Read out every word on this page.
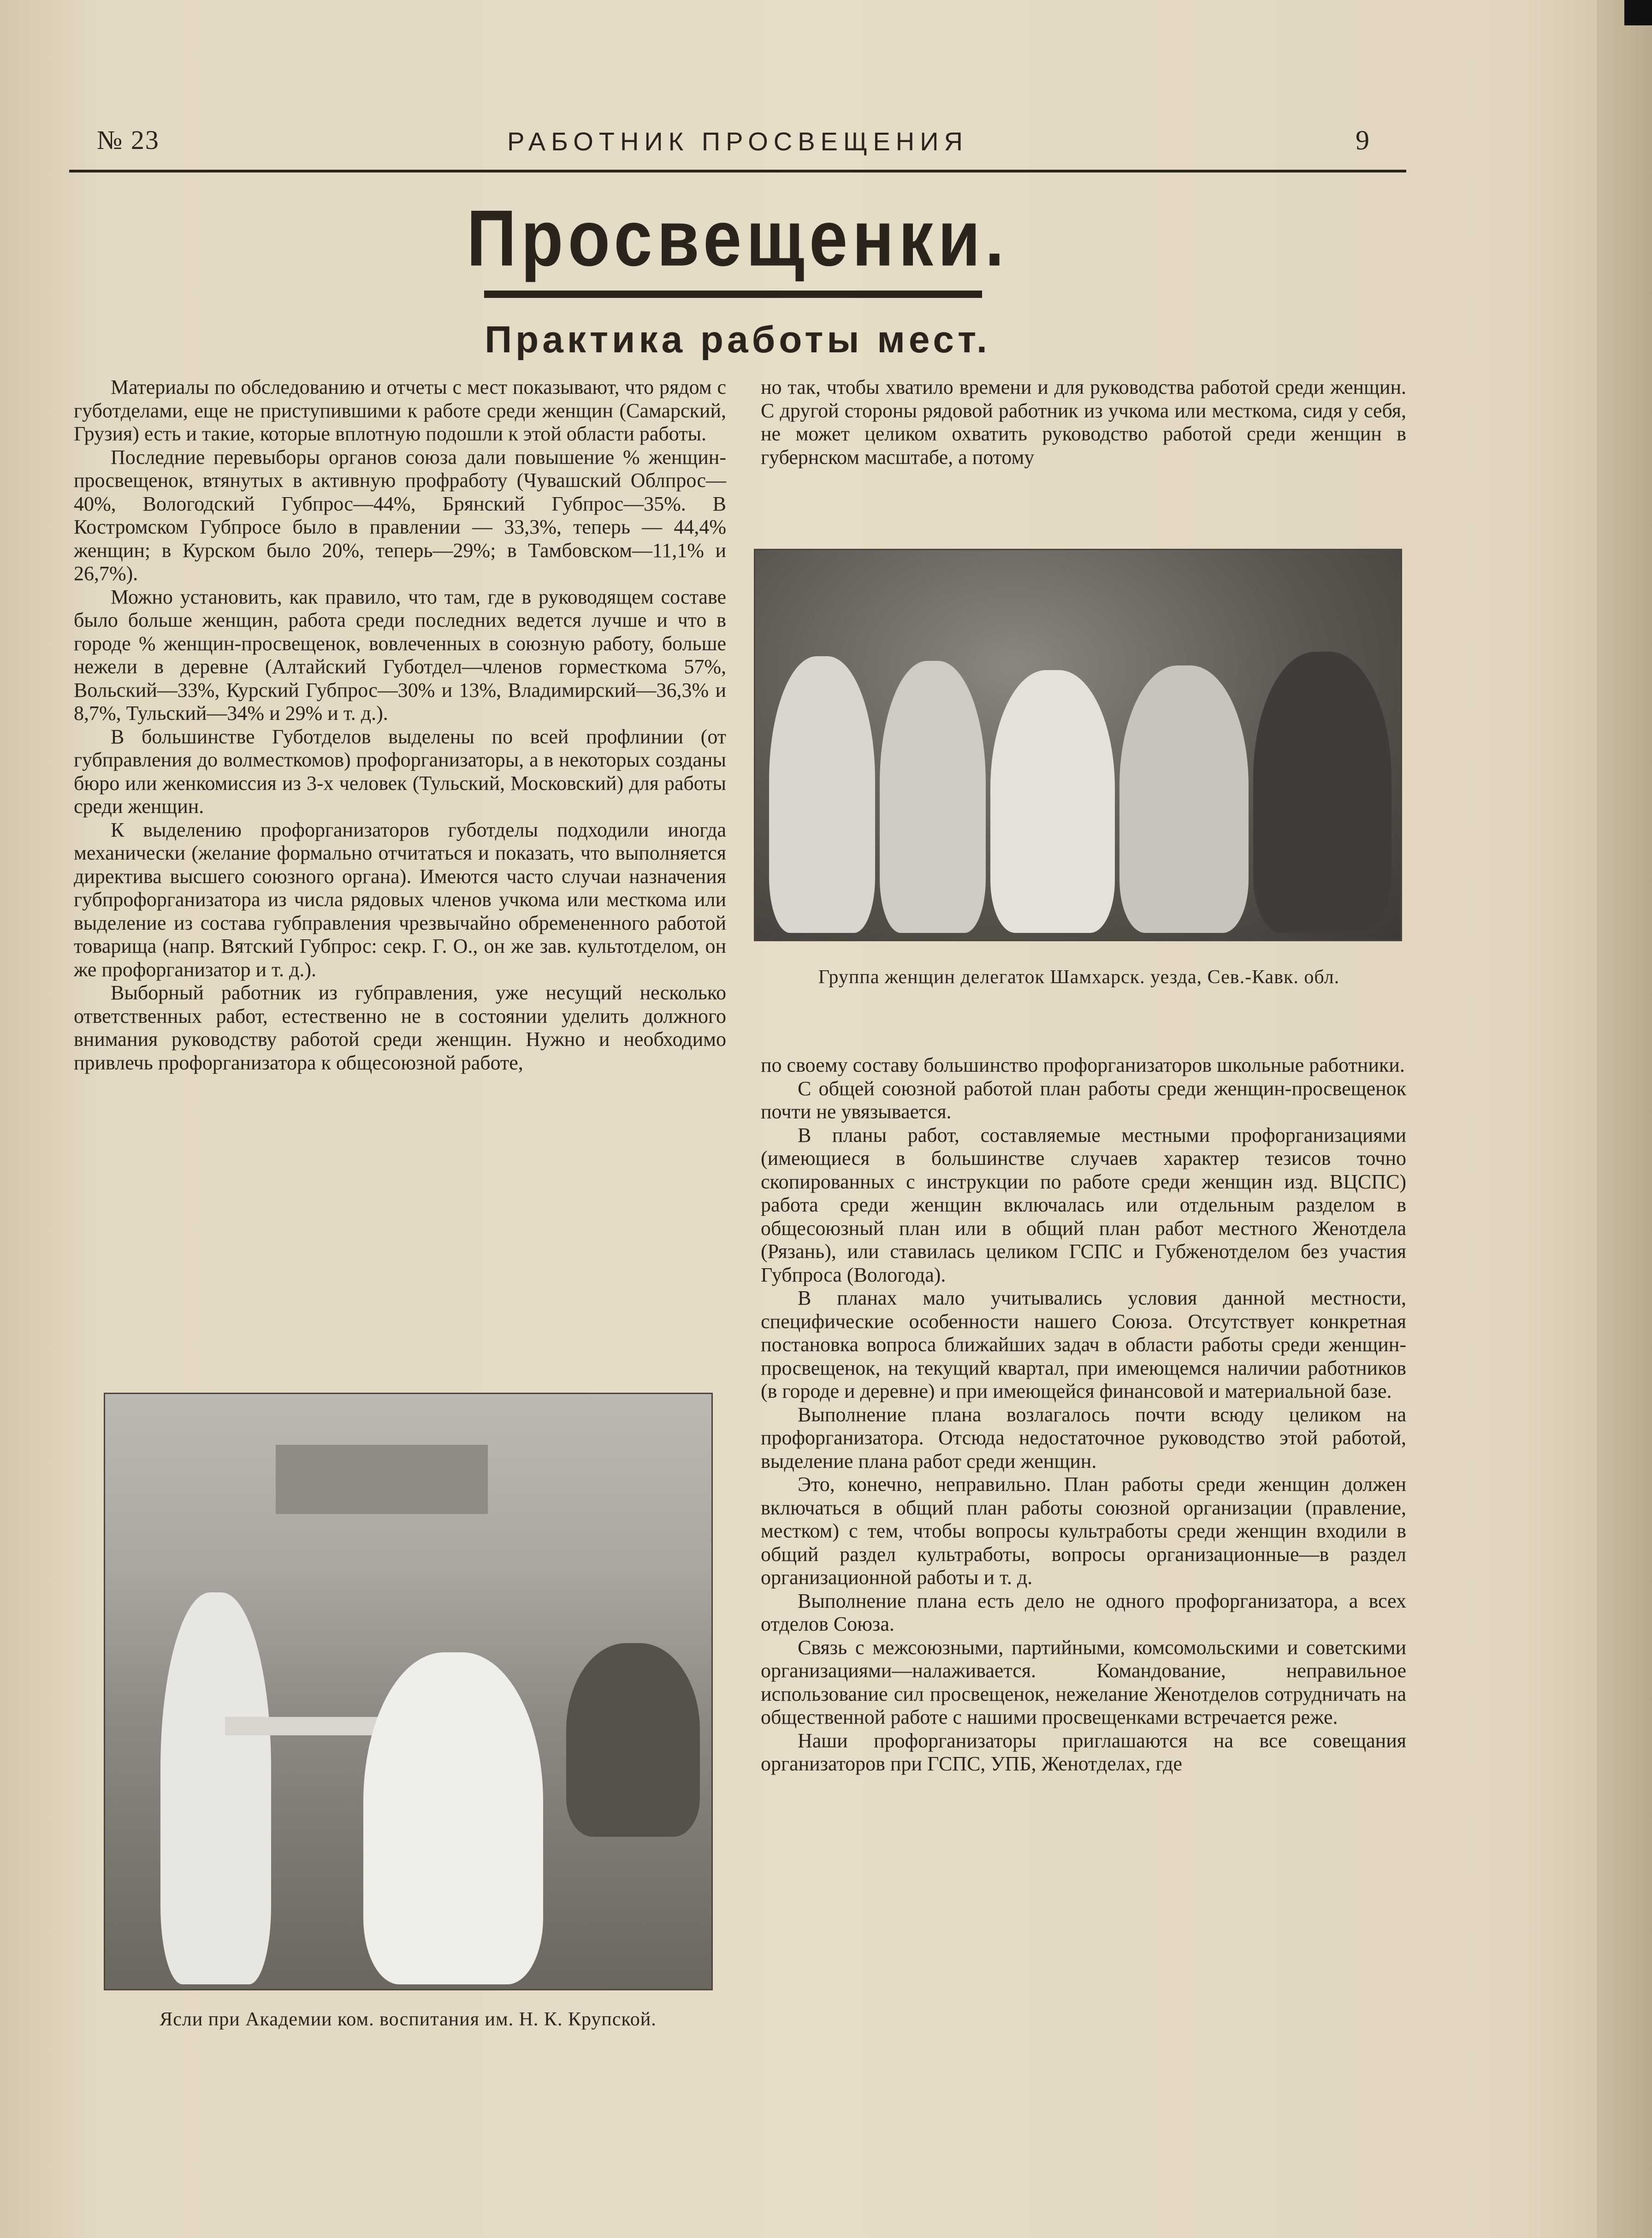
№ 23	РАБОТНИК ПРОСВЕЩЕНИЯ	9
Просвещенки.
Практика работы мест.

Материалы по обследованию и отчеты с мест показывают, что рядом с губотделами, еще не приступившими к работе среди женщин (Самарский, Грузия) есть и такие, которые вплотную подошли к этой области работы.

Последние перевыборы органов союза дали повышение % женщин-просвещенок, втянутых в активную профработу (Чувашский Облпрос—40%, Вологодский Губпрос—44%, Брянский Губпрос—35%. В Костромском Губпросе было в правлении — 33,3%, теперь — 44,4% женщин; в Курском было 20%, теперь—29%; в Тамбовском—11,1% и 26,7%).

Можно установить, как правило, что там, где в руководящем составе было больше женщин, работа среди последних ведется лучше и что в городе % женщин-просвещенок, вовлеченных в союзную работу, больше нежели в деревне (Алтайский Губотдел—членов горместкома 57%, Вольский—33%, Курский Губпрос—30% и 13%, Владимирский—36,3% и 8,7%, Тульский—34% и 29% и т. д.).

В большинстве Губотделов выделены по всей профлинии (от губправления до волместкомов) профорганизаторы, а в некоторых созданы бюро или женкомиссия из 3-х человек (Тульский, Московский) для работы среди женщин.

К выделению профорганизаторов губотделы подходили иногда механически (желание формально отчитаться и показать, что выполняется директива высшего союзного органа). Имеются часто случаи назначения губпрофорганизатора из числа рядовых членов учкома или месткома или выделение из состава губправления чрезвычайно обремененного работой товарища (напр. Вятский Губпрос: секр. Г. О., он же зав. культотделом, он же профорганизатор и т. д.).

Выборный работник из губправления, уже несущий несколько ответственных работ, естественно не в состоянии уделить должного внимания руководству работой среди женщин. Нужно и необходимо привлечь профорганизатора к общесоюзной работе,

но так, чтобы хватило времени и для руководства работой среди женщин. С другой стороны рядовой работник из учкома или месткома, сидя у себя, не может целиком охватить руководство работой среди женщин в губернском масштабе, а потому

Группа женщин делегаток Шамхарск. уезда, Сев.-Кавк. обл.

по своему составу большинство профорганизаторов школьные работники.

С общей союзной работой план работы среди женщин-просвещенок почти не увязывается.

В планы работ, составляемые местными профорганизациями (имеющиеся в большинстве случаев характер тезисов точно скопированных с инструкции по работе среди женщин изд. ВЦСПС) работа среди женщин включалась или отдельным разделом в общесоюзный план или в общий план работ местного Женотдела (Рязань), или ставилась целиком ГСПС и Губженотделом без участия Губпроса (Вологода).

В планах мало учитывались условия данной местности, специфические особенности нашего Союза. Отсутствует конкретная постановка вопроса ближайших задач в области работы среди женщин-просвещенок, на текущий квартал, при имеющемся наличии работников (в городе и деревне) и при имеющейся финансовой и материальной базе.

Выполнение плана возлагалось почти всюду целиком на профорганизатора. Отсюда недостаточное руководство этой работой, выделение плана работ среди женщин.

Это, конечно, неправильно. План работы среди женщин должен включаться в общий план работы союзной организации (правление, местком) с тем, чтобы вопросы культработы среди женщин входили в общий раздел культработы, вопросы организационные—в раздел организационной работы и т. д.

Выполнение плана есть дело не одного профорганизатора, а всех отделов Союза.

Связь с межсоюзными, партийными, комсомольскими и советскими организациями—налаживается. Командование, неправильное использование сил просвещенок, нежелание Женотделов сотрудничать на общественной работе с нашими просвещенками встречается реже.

Наши профорганизаторы приглашаются на все совещания организаторов при ГСПС, УПБ, Женотделах, где

Ясли при Академии ком. воспитания им. Н. К. Крупской.
